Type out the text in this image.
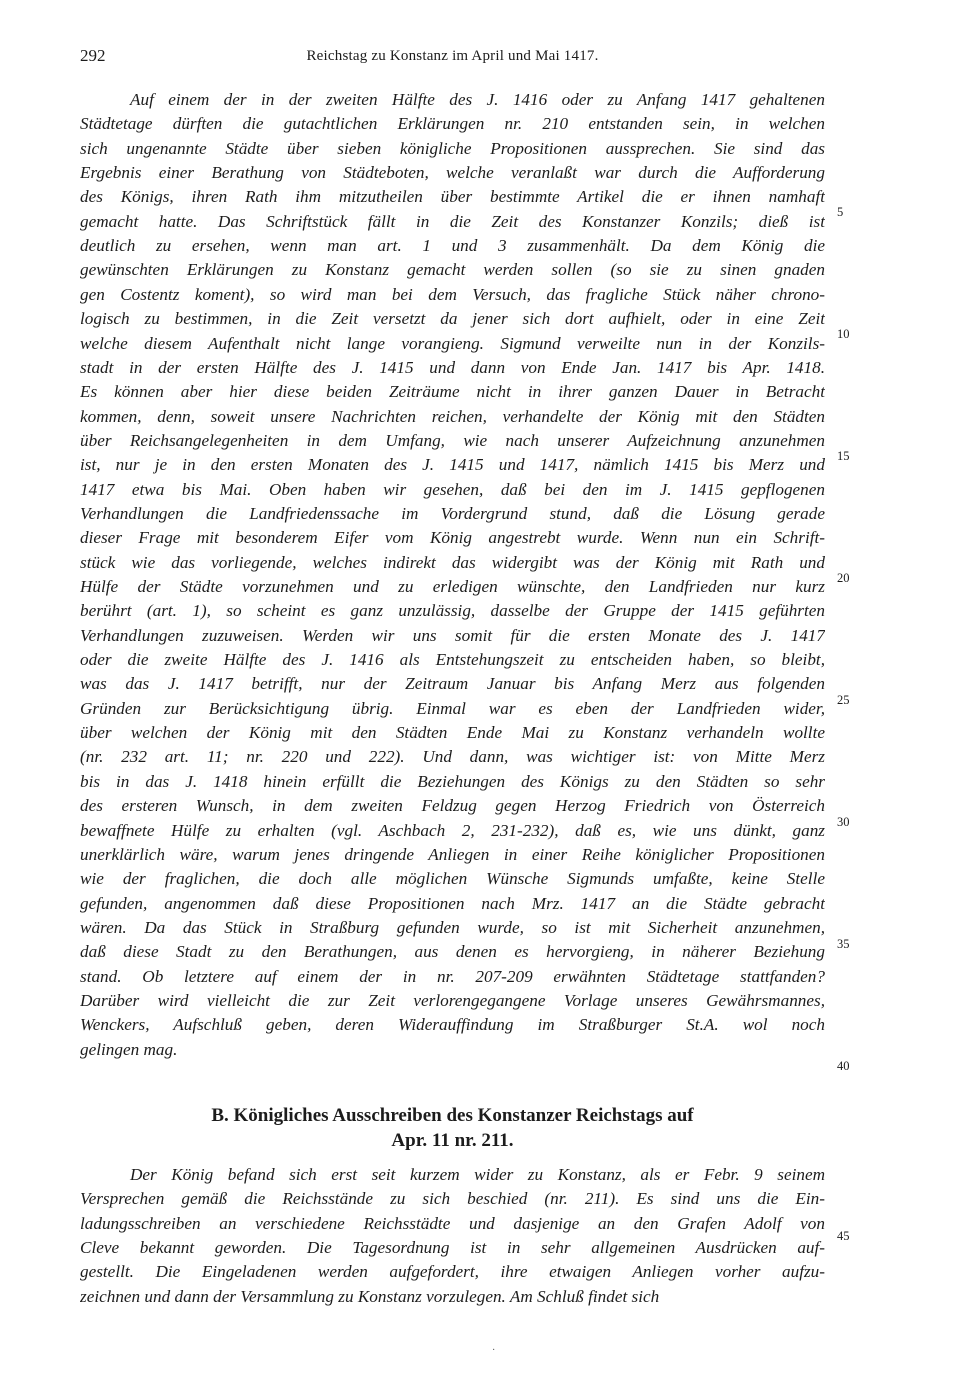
292	Reichstag zu Konstanz im April und Mai 1417.
Auf einem der in der zweiten Hälfte des J. 1416 oder zu Anfang 1417 gehaltenen
Städtetage dürften die gutachtlichen Erklärungen nr. 210 entstanden sein, in welchen
sich ungenannte Städte über sieben königliche Propositionen aussprechen. Sie sind das
Ergebnis einer Berathung von Städteboten, welche veranlaßt war durch die Aufforderung
des Königs, ihren Rath ihm mitzutheilen über bestimmte Artikel die er ihnen namhaft
gemacht hatte. Das Schriftstück fällt in die Zeit des Konstanzer Konzils; dieß ist
deutlich zu ersehen, wenn man art. 1 und 3 zusammenhält. Da dem König die
gewünschten Erklärungen zu Konstanz gemacht werden sollen (so sie zu sinen gnaden
gen Costentz koment), so wird man bei dem Versuch, das fragliche Stück näher chrono-
logisch zu bestimmen, in die Zeit versetzt da jener sich dort aufhielt, oder in eine Zeit
welche diesem Aufenthalt nicht lange vorangieng. Sigmund verweilte nun in der Konzils-
stadt in der ersten Hälfte des J. 1415 und dann von Ende Jan. 1417 bis Apr. 1418.
Es können aber hier diese beiden Zeiträume nicht in ihrer ganzen Dauer in Betracht
kommen, denn, soweit unsere Nachrichten reichen, verhandelte der König mit den Städten
über Reichsangelegenheiten in dem Umfang, wie nach unserer Aufzeichnung anzunehmen
ist, nur je in den ersten Monaten des J. 1415 und 1417, nämlich 1415 bis Merz und
1417 etwa bis Mai. Oben haben wir gesehen, daß bei den im J. 1415 gepflogenen
Verhandlungen die Landfriedenssache im Vordergrund stund, daß die Lösung gerade
dieser Frage mit besonderem Eifer vom König angestrebt wurde. Wenn nun ein Schrift-
stück wie das vorliegende, welches indirekt das widergibt was der König mit Rath und
Hülfe der Städte vorzunehmen und zu erledigen wünschte, den Landfrieden nur kurz
berührt (art. 1), so scheint es ganz unzulässig, dasselbe der Gruppe der 1415 geführten
Verhandlungen zuzuweisen. Werden wir uns somit für die ersten Monate des J. 1417
oder die zweite Hälfte des J. 1416 als Entstehungszeit zu entscheiden haben, so bleibt,
was das J. 1417 betrifft, nur der Zeitraum Januar bis Anfang Merz aus folgenden
Gründen zur Berücksichtigung übrig. Einmal war es eben der Landfrieden wider,
über welchen der König mit den Städten Ende Mai zu Konstanz verhandeln wollte
(nr. 232 art. 11; nr. 220 und 222). Und dann, was wichtiger ist: von Mitte Merz
bis in das J. 1418 hinein erfüllt die Beziehungen des Königs zu den Städten so sehr
des ersteren Wunsch, in dem zweiten Feldzug gegen Herzog Friedrich von Österreich
bewaffnete Hülfe zu erhalten (vgl. Aschbach 2, 231-232), daß es, wie uns dünkt, ganz
unerklärlich wäre, warum jenes dringende Anliegen in einer Reihe königlicher Propositionen
wie der fraglichen, die doch alle möglichen Wünsche Sigmunds umfaßte, keine Stelle
gefunden, angenommen daß diese Propositionen nach Mrz. 1417 an die Städte gebracht
wären. Da das Stück in Straßburg gefunden wurde, so ist mit Sicherheit anzunehmen,
daß diese Stadt zu den Berathungen, aus denen es hervorgieng, in näherer Beziehung
stand. Ob letztere auf einem der in nr. 207-209 erwähnten Städtetage stattfanden?
Darüber wird vielleicht die zur Zeit verlorengegangene Vorlage unseres Gewährsmannes,
Wenckers, Aufschluß geben, deren Widerauffindung im Straßburger St.A. wol noch
gelingen mag.
B. Königliches Ausschreiben des Konstanzer Reichstags auf
Apr. 11 nr. 211.
Der König befand sich erst seit kurzem wider zu Konstanz, als er Febr. 9 seinem
Versprechen gemäß die Reichsstände zu sich beschied (nr. 211). Es sind uns die Ein-
ladungsschreiben an verschiedene Reichsstädte und dasjenige an den Grafen Adolf von
Cleve bekannt geworden. Die Tagesordnung ist in sehr allgemeinen Ausdrücken auf-
gestellt. Die Eingeladenen werden aufgefordert, ihre etwaigen Anliegen vorher aufzu-
zeichnen und dann der Versammlung zu Konstanz vorzulegen. Am Schluß findet sich
5
10
15
20
25
30
35
40
45
·
